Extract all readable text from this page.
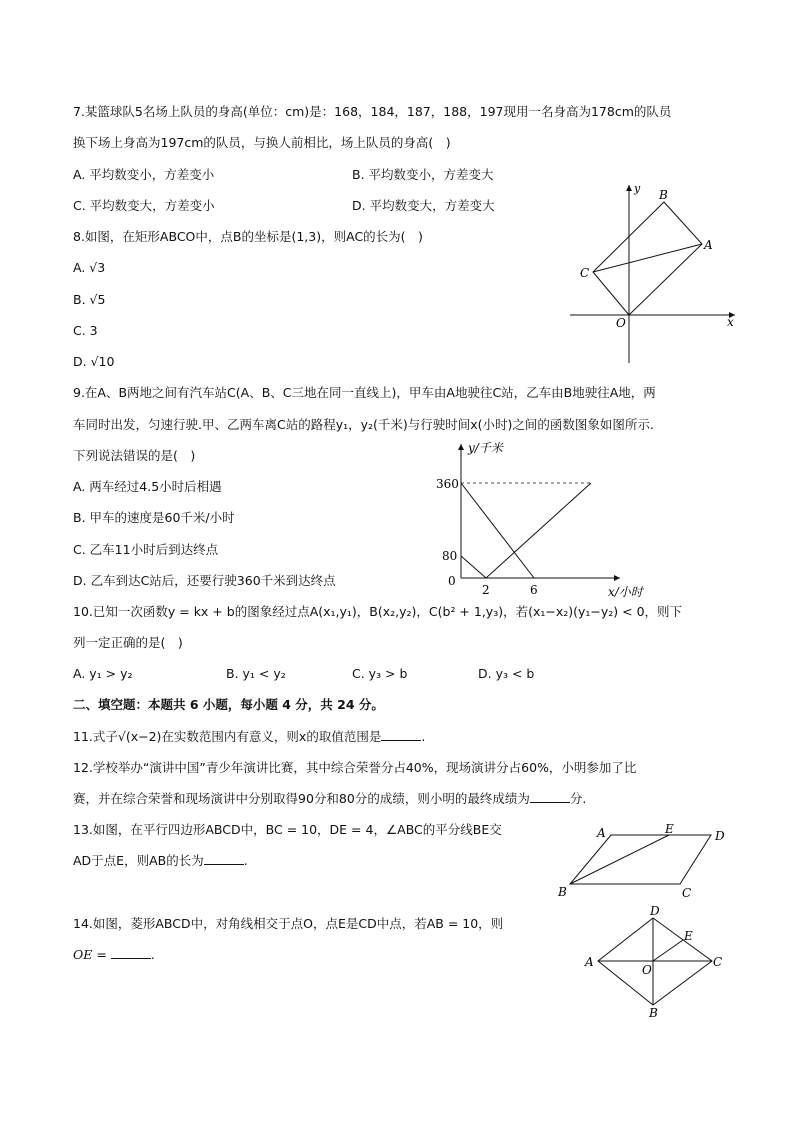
7.某篮球队5名场上队员的身高(单位：cm)是：168，184，187，188，197现用一名身高为178cm的队员
换下场上身高为197cm的队员，与换人前相比，场上队员的身高(　)
A. 平均数变小，方差变小	B. 平均数变小，方差变大
C. 平均数变大，方差变小	D. 平均数变大，方差变大
8.如图，在矩形ABCO中，点B的坐标是(1,3)，则AC的长为(　)
A. √3
B. √5
C. 3
D. √10
y
x
B
A
C
O
9.在A、B两地之间有汽车站C(A、B、C三地在同一直线上)，甲车由A地驶往C站，乙车由B地驶往A地，两
车同时出发，匀速行驶.甲、乙两车离C站的路程y₁，y₂(千米)与行驶时间x(小时)之间的函数图象如图所示.
下列说法错误的是(　)
A. 两车经过4.5小时后相遇
B. 甲车的速度是60千米/小时
C. 乙车11小时后到达终点
D. 乙车到达C站后，还要行驶360千米到达终点
y/千米
x/小时
360
80
0
2	6
10.已知一次函数y = kx + b的图象经过点A(x₁,y₁)，B(x₂,y₂)，C(b² + 1,y₃)，若(x₁−x₂)(y₁−y₂) < 0，则下
列一定正确的是(　)
A. y₁ > y₂	B. y₁ < y₂	C. y₃ > b	D. y₃ < b
二、填空题：本题共 6 小题，每小题 4 分，共 24 分。
11.式子√(x−2)在实数范围内有意义，则x的取值范围是	.
12.学校举办“演讲中国”青少年演讲比赛，其中综合荣誉分占40%，现场演讲分占60%，小明参加了比
赛，并在综合荣誉和现场演讲中分别取得90分和80分的成绩，则小明的最终成绩为	分.
13.如图，在平行四边形ABCD中，BC = 10，DE = 4，∠ABC的平分线BE交
AD于点E，则AB的长为	.
A	E	D
B	C
14.如图，菱形ABCD中，对角线相交于点O，点E是CD中点，若AB = 10，则
OE =	.
D
E
A
O
C
B
